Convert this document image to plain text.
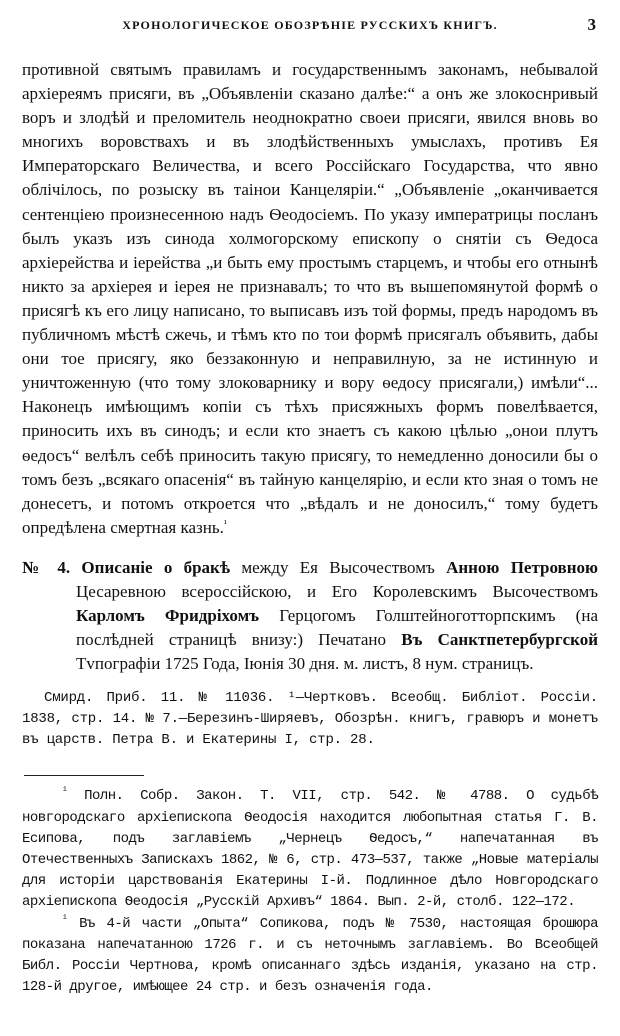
ХРОНОЛОГИЧЕСКОЕ ОБОЗРѢНІЕ РУССКИХЪ КНИГЪ.	3

противной святымъ правиламъ и государственнымъ законамъ, небывалой архіереямъ присяги, въ „Объявленіи сказано далѣе:“ а онъ же злокоснривый воръ и злодѣй и преломитель неоднократно своеи присяги, явился вновь во многихъ воровствахъ и въ злодѣйственныхъ умыслахъ, противъ Ея Императорскаго Величества, и всего Россійскаго Государства, что явно облічілось, по розыску въ таінои Канцеляріи.“ „Объявленіе „оканчивается сентенціею произнесенною надъ Ѳеодосіемъ. По указу императрицы посланъ былъ указъ изъ синода холмогорскому епископу о снятіи съ Ѳедоса архіерейства и іерейства „и быть ему простымъ старцемъ, и чтобы его отнынѣ никто за архіерея и іерея не признавалъ; то что въ вышепомянутой формѣ о присягѣ къ его лицу написано, то выписавъ изъ той формы, предъ народомъ въ публичномъ мѣстѣ сжечь, и тѣмъ кто по тои формѣ присягалъ объявить, дабы они тое присягу, яко беззаконную и неправилную, за не истинную и уничтоженную (что тому злоковарнику и вору ѳедосу присягали,) имѣли“... Наконецъ имѣющимъ копіи съ тѣхъ присяжныхъ формъ повелѣвается, приносить ихъ въ синодъ; и если кто знаетъ съ какою цѣлью „онои плутъ ѳедосъ“ велѣлъ себѣ приносить такую присягу, то немедленно доносили бы о томъ безъ „всякаго опасенія“ въ тайную канцелярію, и если кто зная о томъ не донесетъ, и потомъ откроется что „вѣдалъ и не доносилъ,“ тому будетъ опредѣлена смертная казнь.$^{^1}$

№ 4. Описаніе о бракѣ между Ея Высочествомъ Анною Петровною Цесаревною всероссійскою, и Его Королевскимъ Высочествомъ Карломъ Фридріхомъ Герцогомъ Голштейноготторпскимъ (на послѣдней страницѣ внизу:) Печатано Въ Санктпетербургской Тvпографіи 1725 Года, Іюнія 30 дня. м. листъ, 8 нум. страницъ.
Смирд. Приб. 11. № 11036. ¹—Чертковъ. Всеобщ. Библіот. Россіи. 1838, стр. 14. № 7.—Березинъ-Ширяевъ, Обозрѣн. книгъ, гравюръ и монетъ въ царств. Петра В. и Екатерины I, стр. 28.

$^{^1}$ Полн. Собр. Закон. Т. VII, стр. 542. № 4788. О судьбѣ новгородскаго архіепископа Ѳеодосія находится любопытная статья Г. В. Есипова, подъ заглавіемъ „Чернецъ Ѳедосъ,“ напечатанная въ Отечественныхъ Запискахъ 1862, № 6, стр. 473—537, также „Новые матеріалы для исторіи царствованія Екатерины І-й. Подлинное дѣло Новгородскаго архіепископа Ѳеодосія „Русскій Архивъ“ 1864. Вып. 2-й, столб. 122—172.

$^{^1}$ Въ 4-й части „Опыта“ Сопикова, подъ № 7530, настоящая брошюра показана напечатанною 1726 г. и съ неточнымъ заглавіемъ. Во Всеобщей Библ. Россіи Чертнова, кромѣ описаннаго здѣсь изданія, указано на стр. 128-й другое, имѣющее 24 стр. и безъ означенія года.
